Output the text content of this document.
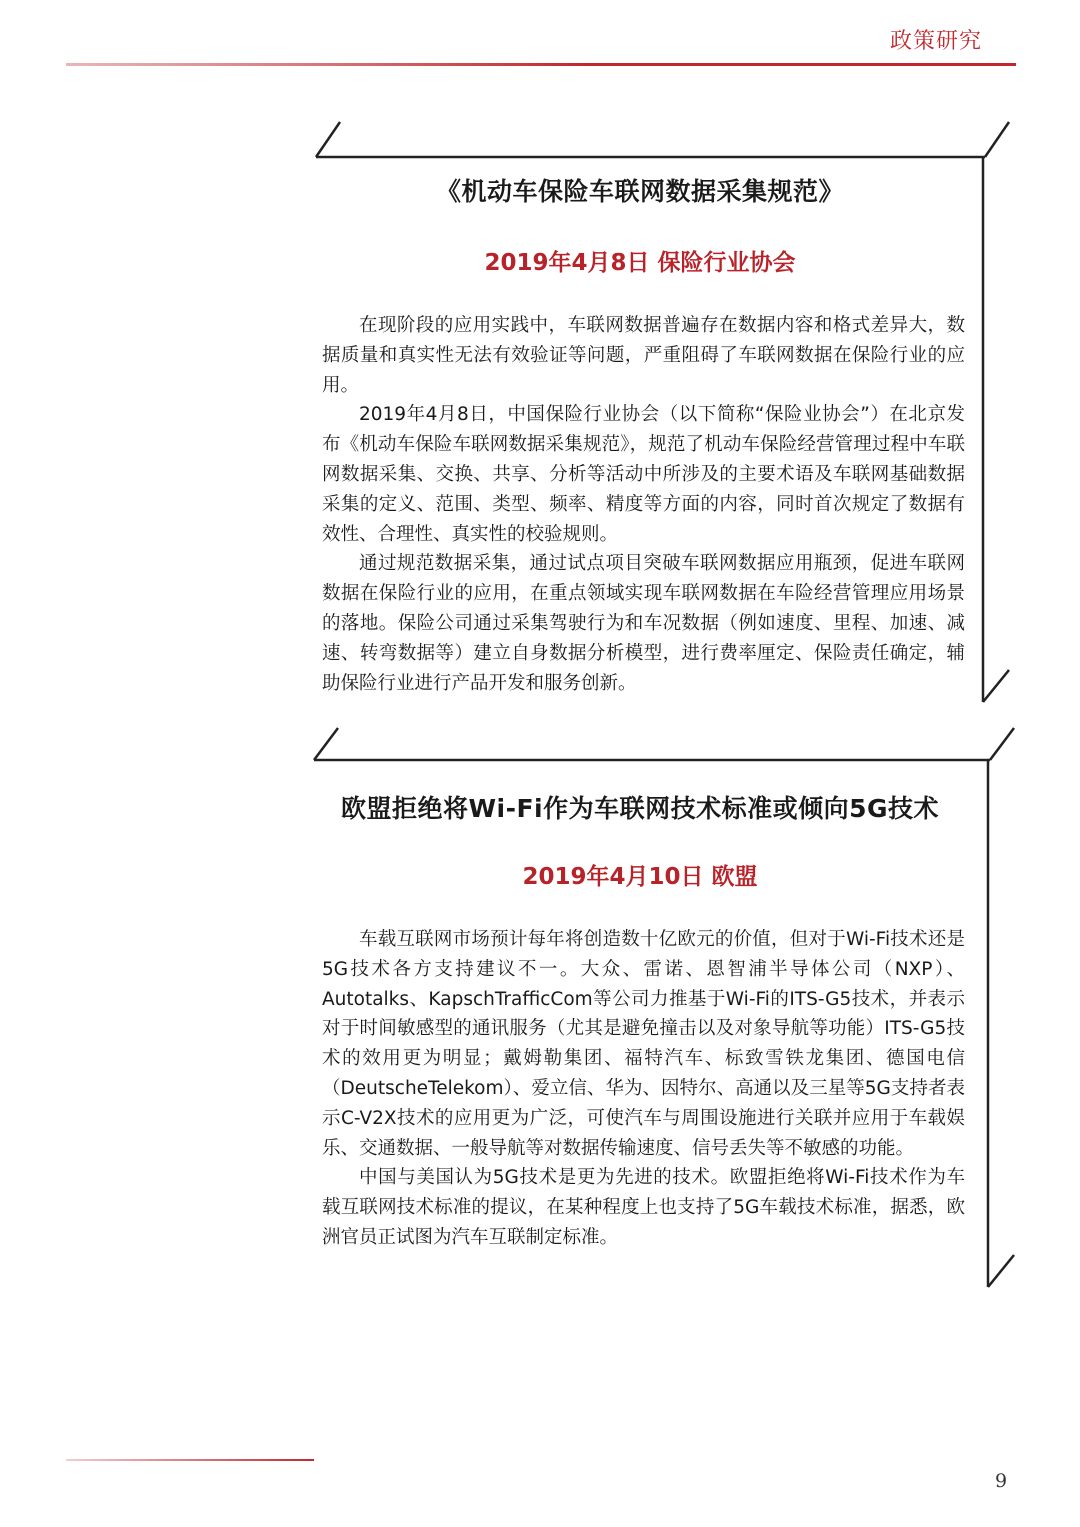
政策研究
《机动车保险车联网数据采集规范》
2019年4月8日 保险行业协会

在现阶段的应用实践中，车联网数据普遍存在数据内容和格式差异大，数据质量和真实性无法有效验证等问题，严重阻碍了车联网数据在保险行业的应用。

2019年4月8日，中国保险行业协会（以下简称“保险业协会”）在北京发布《机动车保险车联网数据采集规范》，规范了机动车保险经营管理过程中车联网数据采集、交换、共享、分析等活动中所涉及的主要术语及车联网基础数据采集的定义、范围、类型、频率、精度等方面的内容，同时首次规定了数据有效性、合理性、真实性的校验规则。

通过规范数据采集，通过试点项目突破车联网数据应用瓶颈，促进车联网数据在保险行业的应用，在重点领域实现车联网数据在车险经营管理应用场景的落地。保险公司通过采集驾驶行为和车况数据（例如速度、里程、加速、减速、转弯数据等）建立自身数据分析模型，进行费率厘定、保险责任确定，辅助保险行业进行产品开发和服务创新。

欧盟拒绝将Wi-Fi作为车联网技术标准或倾向5G技术
2019年4月10日 欧盟

车载互联网市场预计每年将创造数十亿欧元的价值，但对于Wi-Fi技术还是5G技术各方支持建议不一。大众、雷诺、恩智浦半导体公司（NXP）、Autotalks、KapschTrafficCom等公司力推基于Wi-Fi的ITS-G5技术，并表示对于时间敏感型的通讯服务（尤其是避免撞击以及对象导航等功能）ITS-G5技术的效用更为明显；戴姆勒集团、福特汽车、标致雪铁龙集团、德国电信（DeutscheTelekom）、爱立信、华为、因特尔、高通以及三星等5G支持者表示C-V2X技术的应用更为广泛，可使汽车与周围设施进行关联并应用于车载娱乐、交通数据、一般导航等对数据传输速度、信号丢失等不敏感的功能。

中国与美国认为5G技术是更为先进的技术。欧盟拒绝将Wi-Fi技术作为车载互联网技术标准的提议，在某种程度上也支持了5G车载技术标准，据悉，欧洲官员正试图为汽车互联制定标准。

9
